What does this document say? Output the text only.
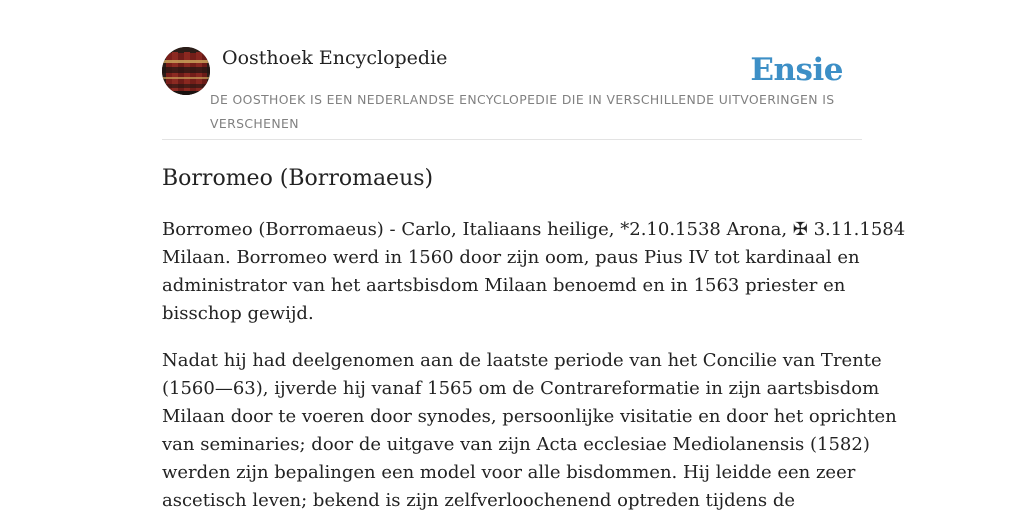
Oosthoek Encyclopedie	Ensie

DE OOSTHOEK IS EEN NEDERLANDSE ENCYCLOPEDIE DIE IN VERSCHILLENDE UITVOERINGEN IS
VERSCHENEN

Borromeo (Borromaeus)

Borromeo (Borromaeus) - Carlo, Italiaans heilige, *2.10.1538 Arona, ✠ 3.11.1584
Milaan. Borromeo werd in 1560 door zijn oom, paus Pius IV tot kardinaal en
administrator van het aartsbisdom Milaan benoemd en in 1563 priester en
bisschop gewijd.

Nadat hij had deelgenomen aan de laatste periode van het Concilie van Trente
(1560—63), ijverde hij vanaf 1565 om de Contrareformatie in zijn aartsbisdom
Milaan door te voeren door synodes, persoonlijke visitatie en door het oprichten
van seminaries; door de uitgave van zijn Acta ecclesiae Mediolanensis (1582)
werden zijn bepalingen een model voor alle bisdommen. Hij leidde een zeer
ascetisch leven; bekend is zijn zelfverloochenend optreden tijdens de
